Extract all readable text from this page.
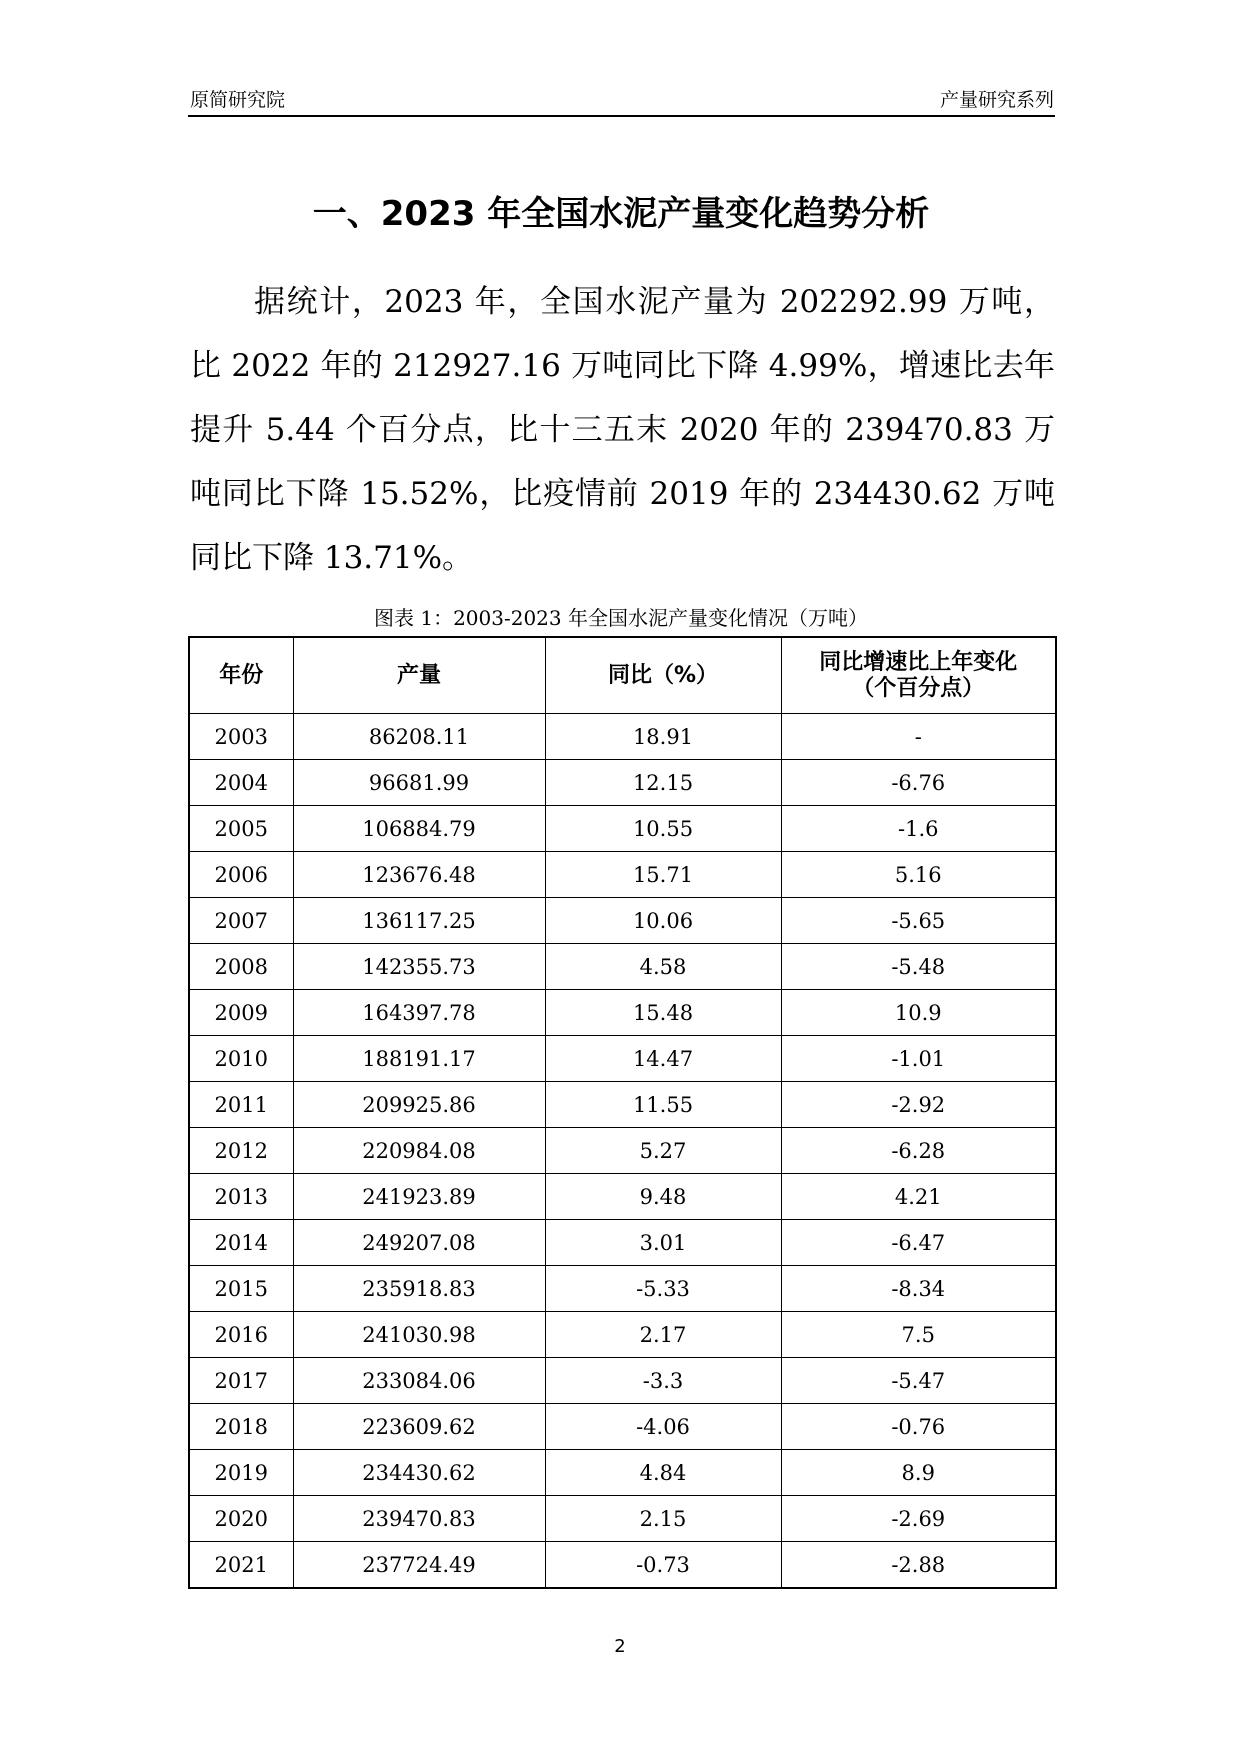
原简研究院	产量研究系列
一、2023 年全国水泥产量变化趋势分析

据统计，2023 年，全国水泥产量为 202292.99 万吨，比 2022 年的 212927.16 万吨同比下降 4.99%，增速比去年提升 5.44 个百分点，比十三五末 2020 年的 239470.83 万吨同比下降 15.52%，比疫情前 2019 年的 234430.62 万吨同比下降 13.71%。

图表 1：2003-2023 年全国水泥产量变化情况（万吨）
年份	产量	同比（%）	同比增速比上年变化（个百分点）
2003	86208.11	18.91	-
2004	96681.99	12.15	-6.76
2005	106884.79	10.55	-1.6
2006	123676.48	15.71	5.16
2007	136117.25	10.06	-5.65
2008	142355.73	4.58	-5.48
2009	164397.78	15.48	10.9
2010	188191.17	14.47	-1.01
2011	209925.86	11.55	-2.92
2012	220984.08	5.27	-6.28
2013	241923.89	9.48	4.21
2014	249207.08	3.01	-6.47
2015	235918.83	-5.33	-8.34
2016	241030.98	2.17	7.5
2017	233084.06	-3.3	-5.47
2018	223609.62	-4.06	-0.76
2019	234430.62	4.84	8.9
2020	239470.83	2.15	-2.69
2021	237724.49	-0.73	-2.88
2
